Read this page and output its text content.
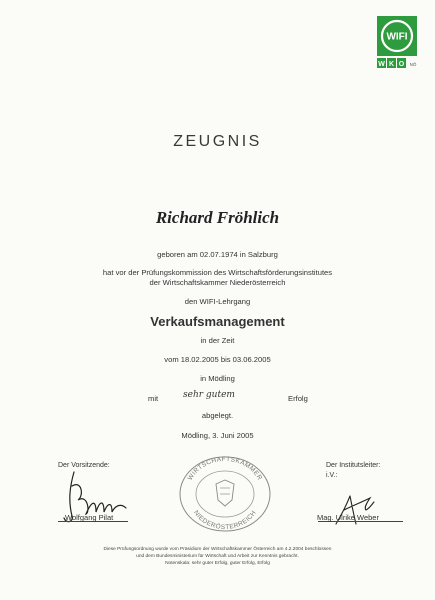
WIFI
W K O NÖ
ZEUGNIS
Richard Fröhlich
geboren am 02.07.1974 in Salzburg
hat vor der Prüfungskommission des Wirtschaftsförderungsinstitutes
der Wirtschaftskammer Niederösterreich
den WIFI-Lehrgang
Verkaufsmanagement
in der Zeit
vom 18.02.2005 bis 03.06.2005
in Mödling
mit	sehr gutem	Erfolg
abgelegt.
Mödling, 3. Juni 2005
Der Vorsitzende:
Wolfgang Pilat
WIRTSCHAFTSKAMMER
NIEDERÖSTERREICH
Der Institutsleiter:
i.V.:
Mag. Ulrike Weber
Diese Prüfungsordnung wurde vom Präsidium der Wirtschaftskammer Österreich am 4.2.2004 beschlossen
und dem Bundesministerium für Wirtschaft und Arbeit zur Kenntnis gebracht.
Notenskala: sehr guter Erfolg, guter Erfolg, Erfolg
